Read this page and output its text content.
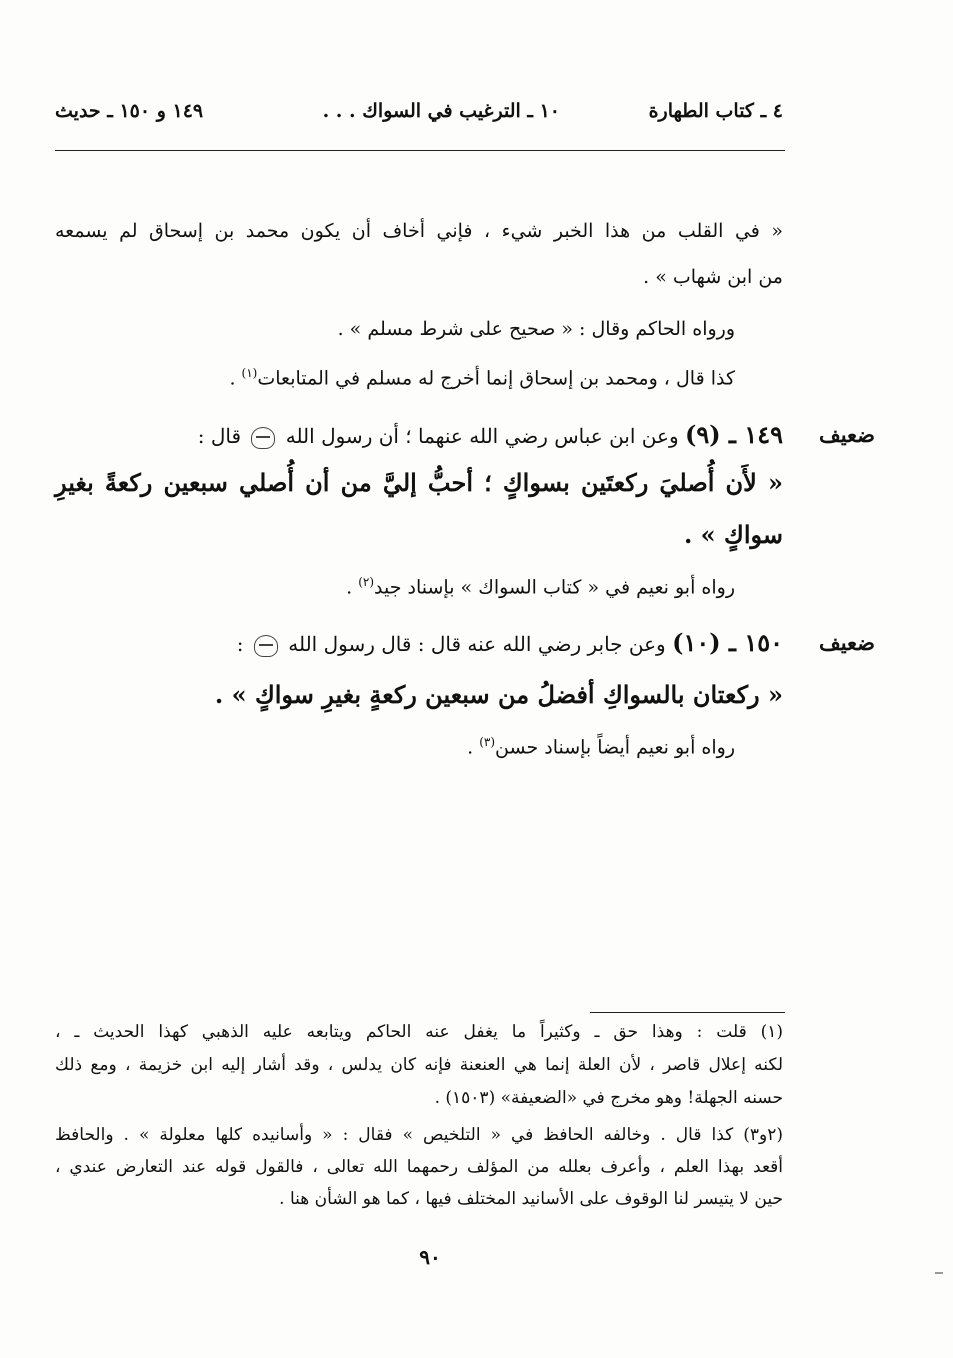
٤ ـ كتاب الطهارة
١٠ ـ الترغيب في السواك . . .
١٤٩ و ١٥٠ ـ حديث
« في القلب من هذا الخبر شيء ، فإني أخاف أن يكون محمد بن إسحاق لم يسمعه
من ابن شهاب » .
ورواه الحاكم وقال : « صحيح على شرط مسلم » .
كذا قال ، ومحمد بن إسحاق إنما أخرج له مسلم في المتابعات$^{(١)}$ .
ضعيف
١٤٩ ـ (٩) وعن ابن عباس رضي الله عنهما ؛ أن رسول الله  قال :
« لأَن أُصليَ ركعتَين بسواكٍ ؛ أحبُّ إليَّ من أن أُصلي سبعين ركعةً بغيرِ
سواكٍ » .
رواه أبو نعيم في « كتاب السواك » بإسناد جيد$^{(٢)}$ .
ضعيف
١٥٠ ـ (١٠) وعن جابر رضي الله عنه قال : قال رسول الله  :
« ركعتان بالسواكِ أفضلُ من سبعين ركعةٍ بغيرِ سواكٍ » .
رواه أبو نعيم أيضاً بإسناد حسن$^{(٣)}$ .
(١) قلت : وهذا حق ـ وكثيراً ما يغفل عنه الحاكم ويتابعه عليه الذهبي كهذا الحديث ـ ،
لكنه إعلال قاصر ، لأن العلة إنما هي العنعنة فإنه كان يدلس ، وقد أشار إليه ابن خزيمة ، ومع ذلك
حسنه الجهلة! وهو مخرج في «الضعيفة» (١٥٠٣) .
(٢و٣) كذا قال . وخالفه الحافظ في « التلخيص » فقال : « وأسانيده كلها معلولة » . والحافظ
أقعد بهذا العلم ، وأعرف بعلله من المؤلف رحمهما الله تعالى ، فالقول قوله عند التعارض عندي ،
حين لا يتيسر لنا الوقوف على الأسانيد المختلف فيها ، كما هو الشأن هنا .
٩٠
